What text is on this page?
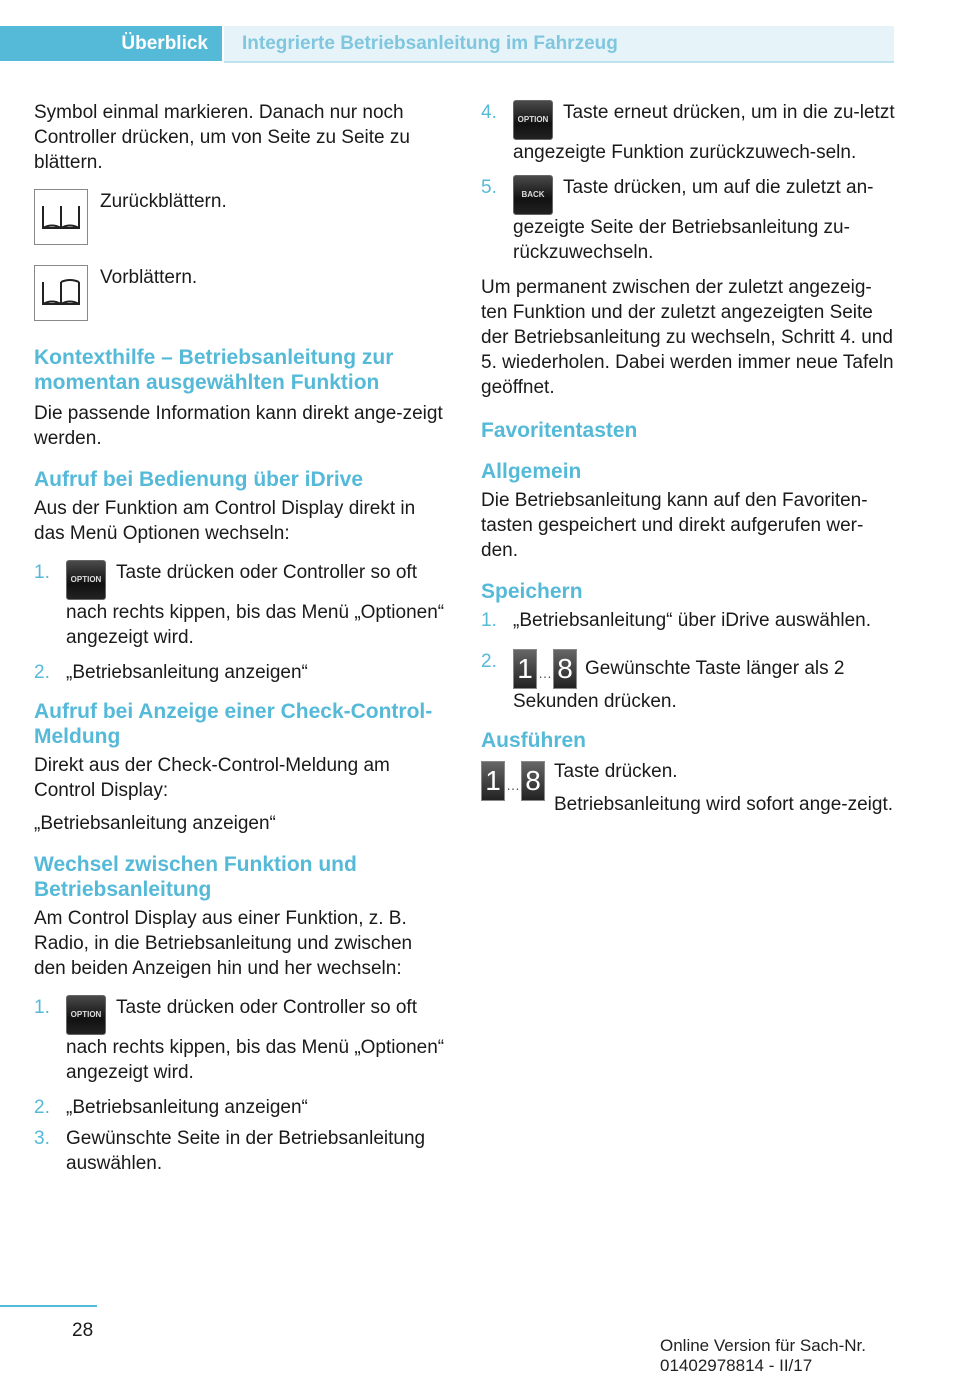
Überblick Integrierte Betriebsanleitung im Fahrzeug

Symbol einmal markieren. Danach nur noch Controller drücken, um von Seite zu Seite zu blättern.

Zurückblättern.

Vorblättern.

Kontexthilfe – Betriebsanleitung zur momentan ausgewählten Funktion

Die passende Information kann direkt ange‐zeigt werden.

Aufruf bei Bedienung über iDrive

Aus der Funktion am Control Display direkt in das Menü Optionen wechseln:

1.	OPTION Taste drücken oder Controller so oft nach rechts kippen, bis das Menü „Optionen“ angezeigt wird.
2. „Betriebsanleitung anzeigen“
Aufruf bei Anzeige einer Check-Control-Meldung

Direkt aus der Check-Control-Meldung am Control Display:

„Betriebsanleitung anzeigen“

Wechsel zwischen Funktion und Betriebsanleitung

Am Control Display aus einer Funktion, z. B. Radio, in die Betriebsanleitung und zwischen den beiden Anzeigen hin und her wechseln:

1.	OPTION Taste drücken oder Controller so oft nach rechts kippen, bis das Menü „Optionen“ angezeigt wird.
2. „Betriebsanleitung anzeigen“
3. Gewünschte Seite in der Betriebsanleitung auswählen.
4.	OPTION Taste erneut drücken, um in die zu‐letzt angezeigte Funktion zurückzuwech‐seln.
5.	BACK Taste drücken, um auf die zuletzt an‐gezeigte Seite der Betriebsanleitung zu‐rückzuwechseln.

Um permanent zwischen der zuletzt angezeig‐ten Funktion und der zuletzt angezeigten Seite der Betriebsanleitung zu wechseln, Schritt 4. und 5. wiederholen. Dabei werden immer neue Tafeln geöffnet.

Favoritentasten
Allgemein

Die Betriebsanleitung kann auf den Favoriten‐tasten gespeichert und direkt aufgerufen wer‐den.

Speichern
1. „Betriebsanleitung“ über iDrive auswählen.
2. 1 … 8 Gewünschte Taste länger als 2 Sekunden drücken.
Ausführen
1 … 8 Taste drücken.

Betriebsanleitung wird sofort ange‐zeigt.

28
Online Version für Sach-Nr. 01402978814 - II/17
